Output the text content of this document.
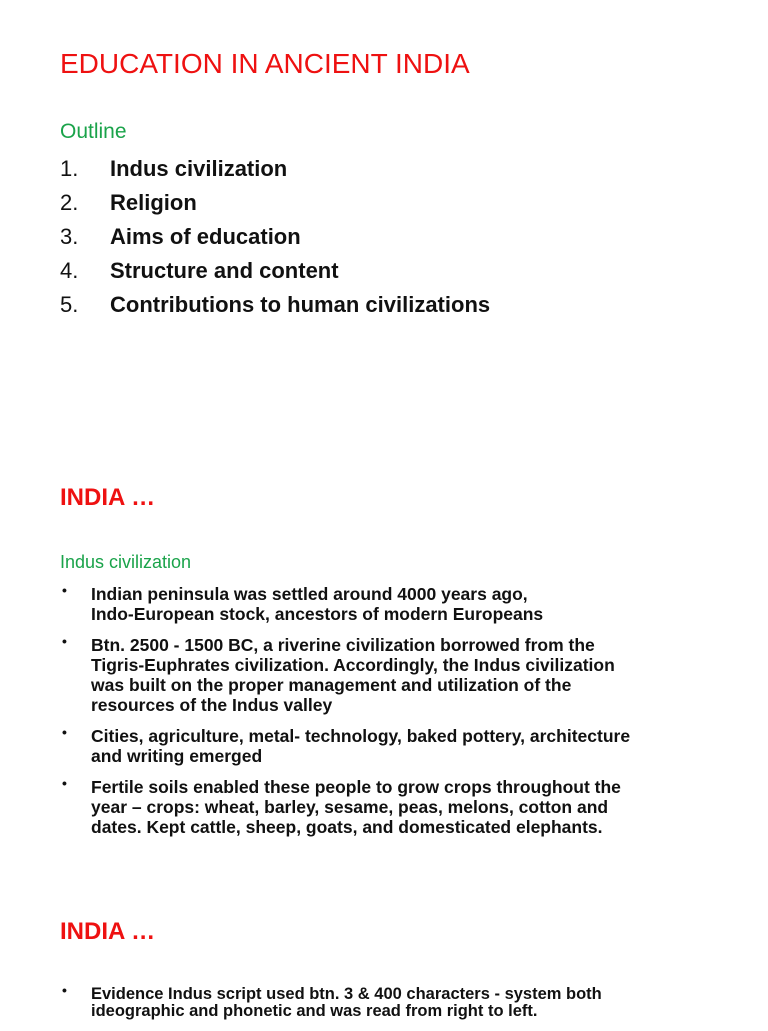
EDUCATION IN ANCIENT INDIA
Outline
1.	Indus civilization
2.	Religion
3.	Aims of education
4.	Structure and content
5.	Contributions to human civilizations
INDIA …
Indus civilization
• Indian peninsula was settled around 4000 years ago,
Indo-European stock, ancestors of modern Europeans
• Btn. 2500 - 1500 BC, a riverine civilization borrowed from the
Tigris-Euphrates civilization. Accordingly, the Indus civilization
was built on the proper management and utilization of the
resources of the Indus valley
• Cities, agriculture, metal- technology, baked pottery, architecture
and writing emerged
• Fertile soils enabled these people to grow crops throughout the
year – crops: wheat, barley, sesame, peas, melons, cotton and
dates. Kept cattle, sheep, goats, and domesticated elephants.
INDIA …
• Evidence Indus script used btn. 3 & 400 characters - system both
ideographic and phonetic and was read from right to left.
